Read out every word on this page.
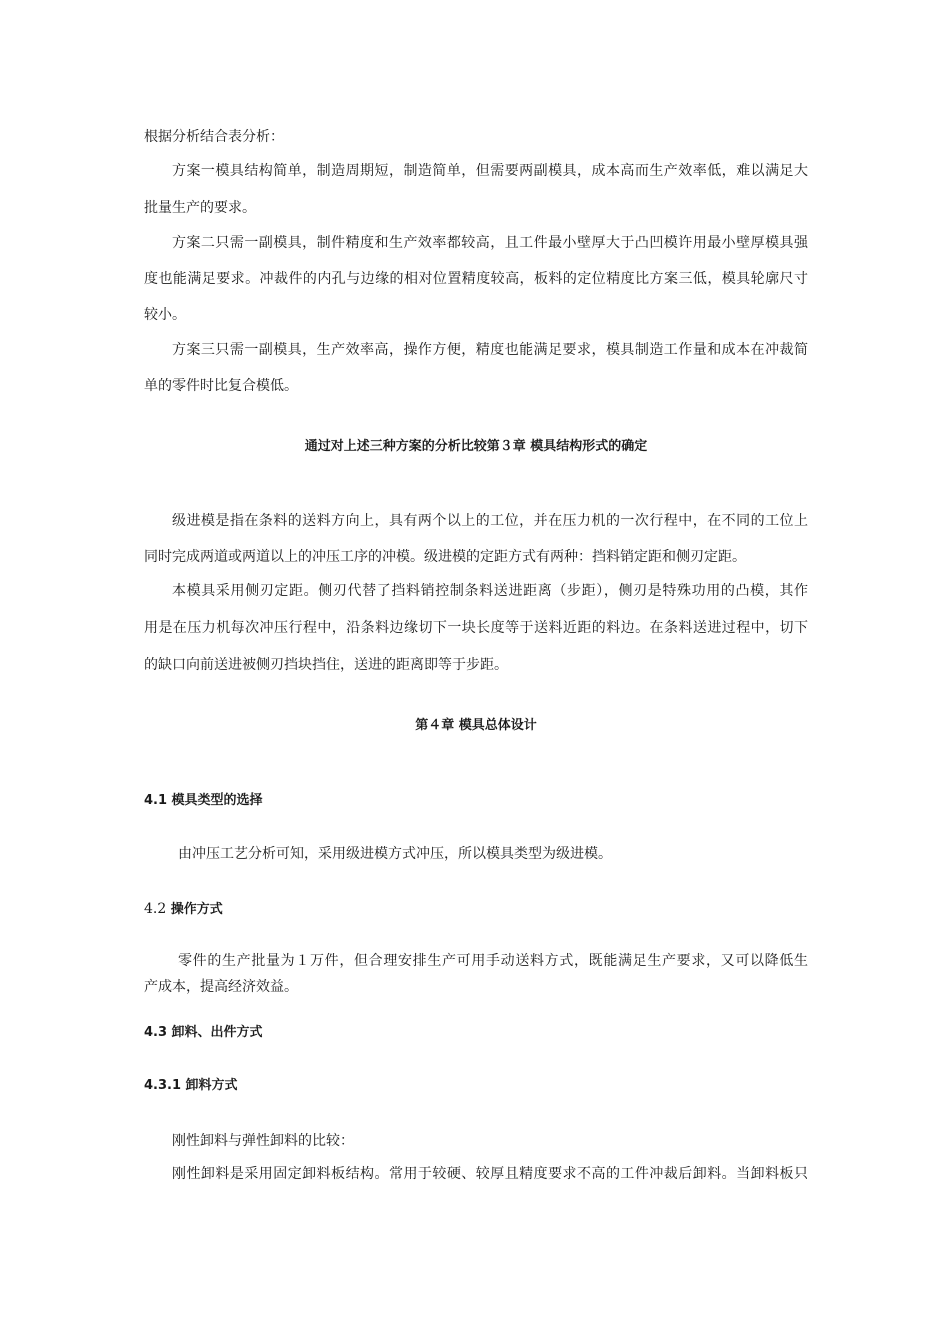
根据分析结合表分析：
方案一模具结构简单，制造周期短，制造简单，但需要两副模具，成本高而生产效率低，难以满足大
批量生产的要求。
方案二只需一副模具，制件精度和生产效率都较高，且工件最小壁厚大于凸凹模许用最小壁厚模具强
度也能满足要求。冲裁件的内孔与边缘的相对位置精度较高，板料的定位精度比方案三低，模具轮廓尺寸
较小。
方案三只需一副模具，生产效率高，操作方便，精度也能满足要求，模具制造工作量和成本在冲裁简
单的零件时比复合模低。
通过对上述三种方案的分析比较第３章 模具结构形式的确定
级进模是指在条料的送料方向上，具有两个以上的工位，并在压力机的一次行程中，在不同的工位上
同时完成两道或两道以上的冲压工序的冲模。级进模的定距方式有两种：挡料销定距和侧刃定距。
本模具采用侧刃定距。侧刃代替了挡料销控制条料送进距离（步距），侧刃是特殊功用的凸模，其作
用是在压力机每次冲压行程中，沿条料边缘切下一块长度等于送料近距的料边。在条料送进过程中，切下
的缺口向前送进被侧刃挡块挡住，送进的距离即等于步距。
第４章 模具总体设计
4.1 模具类型的选择
由冲压工艺分析可知，采用级进模方式冲压，所以模具类型为级进模。
4.2 操作方式
零件的生产批量为１万件，但合理安排生产可用手动送料方式，既能满足生产要求，又可以降低生
产成本，提高经济效益。
4.3 卸料、出件方式
4.3.1 卸料方式
刚性卸料与弹性卸料的比较：
刚性卸料是采用固定卸料板结构。常用于较硬、较厚且精度要求不高的工件冲裁后卸料。当卸料板只
